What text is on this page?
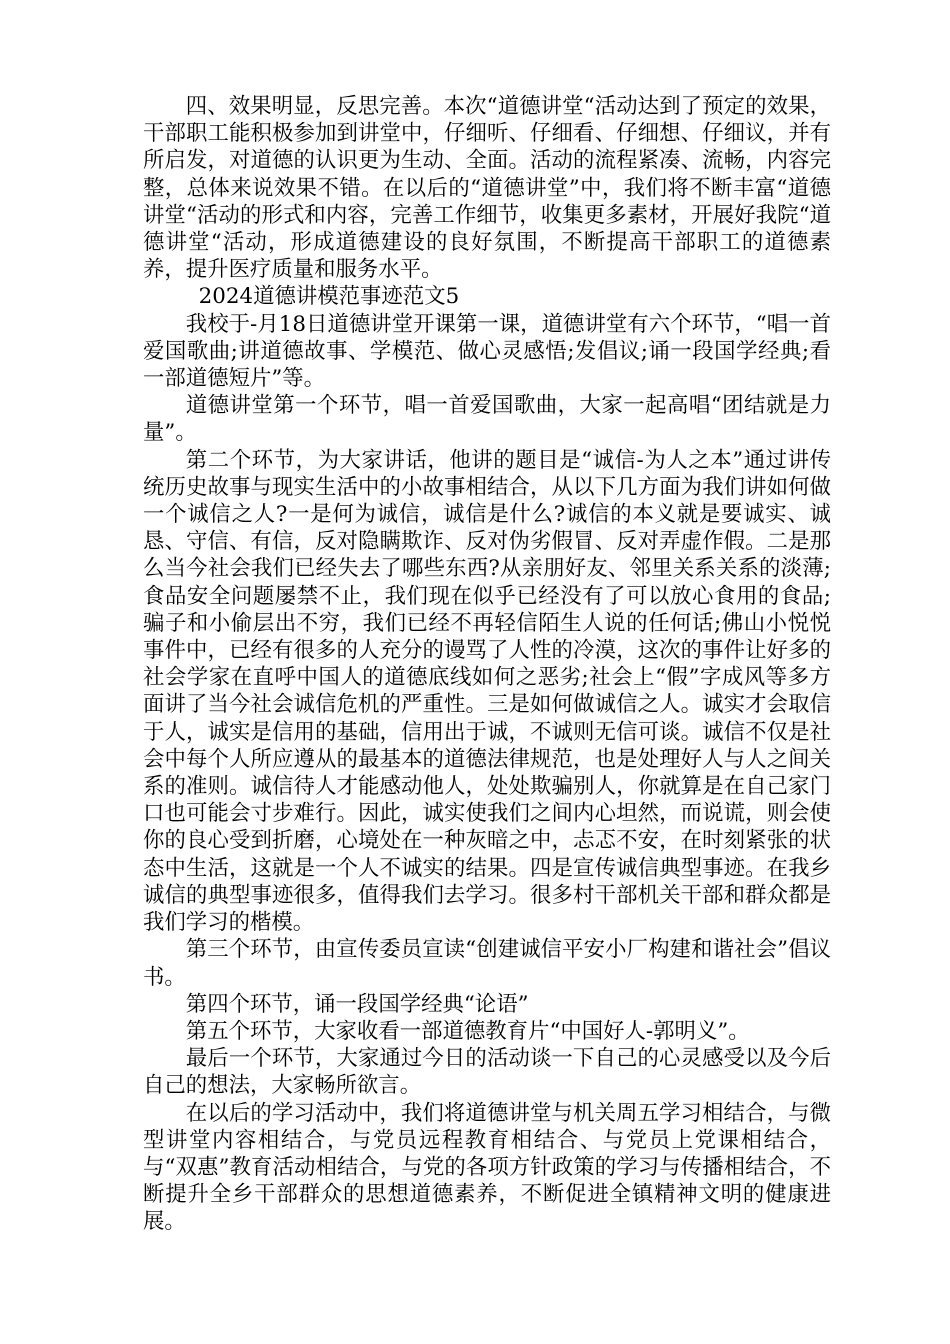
四、效果明显，反思完善。本次“道德讲堂“活动达到了预定的效果，干部职工能积极参加到讲堂中，仔细听、仔细看、仔细想、仔细议，并有所启发，对道德的认识更为生动、全面。活动的流程紧凑、流畅，内容完整，总体来说效果不错。在以后的“道德讲堂”中，我们将不断丰富“道德讲堂“活动的形式和内容，完善工作细节，收集更多素材，开展好我院“道德讲堂“活动，形成道德建设的良好氛围，不断提高干部职工的道德素养，提升医疗质量和服务水平。

2024道德讲模范事迹范文5

我校于-月18日道德讲堂开课第一课，道德讲堂有六个环节，“唱一首爱国歌曲;讲道德故事、学模范、做心灵感悟;发倡议;诵一段国学经典;看一部道德短片”等。

道德讲堂第一个环节，唱一首爱国歌曲，大家一起高唱“团结就是力量”。

第二个环节，为大家讲话，他讲的题目是“诚信-为人之本”通过讲传统历史故事与现实生活中的小故事相结合，从以下几方面为我们讲如何做一个诚信之人?一是何为诚信，诚信是什么?诚信的本义就是要诚实、诚恳、守信、有信，反对隐瞒欺诈、反对伪劣假冒、反对弄虚作假。二是那么当今社会我们已经失去了哪些东西?从亲朋好友、邻里关系关系的淡薄;食品安全问题屡禁不止，我们现在似乎已经没有了可以放心食用的食品;骗子和小偷层出不穷，我们已经不再轻信陌生人说的任何话;佛山小悦悦事件中，已经有很多的人充分的谩骂了人性的冷漠，这次的事件让好多的社会学家在直呼中国人的道德底线如何之恶劣;社会上“假”字成风等多方面讲了当今社会诚信危机的严重性。三是如何做诚信之人。诚实才会取信于人，诚实是信用的基础，信用出于诚，不诚则无信可谈。诚信不仅是社会中每个人所应遵从的最基本的道德法律规范，也是处理好人与人之间关系的准则。诚信待人才能感动他人，处处欺骗别人，你就算是在自己家门口也可能会寸步难行。因此，诚实使我们之间内心坦然，而说谎，则会使你的良心受到折磨，心境处在一种灰暗之中，忐忑不安，在时刻紧张的状态中生活，这就是一个人不诚实的结果。四是宣传诚信典型事迹。在我乡诚信的典型事迹很多，值得我们去学习。很多村干部机关干部和群众都是我们学习的楷模。

第三个环节，由宣传委员宣读“创建诚信平安小厂构建和谐社会”倡议书。

第四个环节，诵一段国学经典“论语”

第五个环节，大家收看一部道德教育片“中国好人-郭明义”。

最后一个环节，大家通过今日的活动谈一下自己的心灵感受以及今后自己的想法，大家畅所欲言。

在以后的学习活动中，我们将道德讲堂与机关周五学习相结合，与微型讲堂内容相结合，与党员远程教育相结合、与党员上党课相结合，与“双惠”教育活动相结合，与党的各项方针政策的学习与传播相结合，不断提升全乡干部群众的思想道德素养，不断促进全镇精神文明的健康进展。
